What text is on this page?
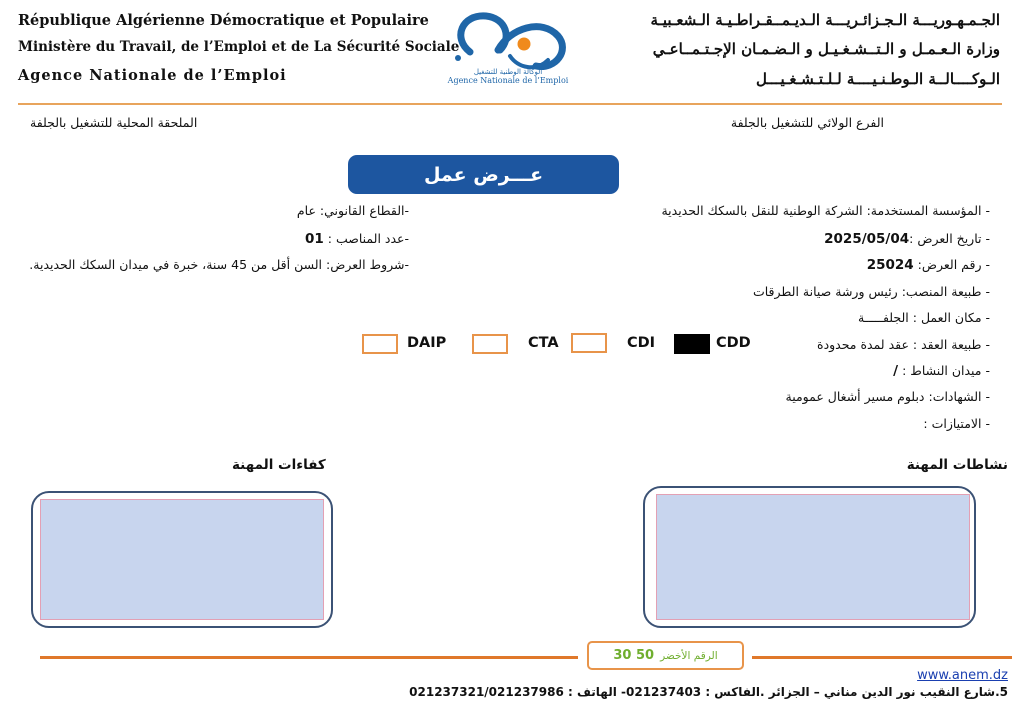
République Algérienne Démocratique et Populaire
Ministère du Travail, de l’Emploi et de La Sécurité Sociale
Agence Nationale de l’Emploi
الجـمـهـوريـــة الـجـزائـريـــة الـديـمــقـراطـيـة الـشعـبيـة
وزارة الـعـمـل و الـتــشـغـيـل و الـضـمـان الإجـتـمــاعـي
الـوكــــالــة الـوطـنـيــــة لـلـتـشـغـيـــل
الوكالة الوطنية للتشغيل
Agence Nationale de l’Emploi
الفرع الولائي للتشغيل بالجلفة
الملحقة المحلية للتشغيل بالجلفة
عـــرض عمل
- المؤسسة المستخدمة: الشركة الوطنية للنقل بالسكك الحديدية
- تاريخ العرض :2025/05/04
- رقم العرض: 25024
- طبيعة المنصب: رئيس ورشة صيانة الطرقات
- مكان العمل : الجلفـــــة
- طبيعة العقد : عقد لمدة محدودة
- ميدان النشاط : /
- الشهادات: دبلوم مسير أشغال عمومية
- الامتيازات :
-القطاع القانوني: عام
-عدد المناصب : 01
-شروط العرض: السن أقل من 45 سنة، خبرة في ميدان السكك الحديدية.
CDD
CDI
CTA
DAIP
نشاطات المهنة
كفاءات المهنة
الرقم الأخضر
30 50
www.anem.dz
5.شارع النقيب نور الدين مناني – الجزائر .الفاكس : 021237403- الهاتف : 021237321/021237986
